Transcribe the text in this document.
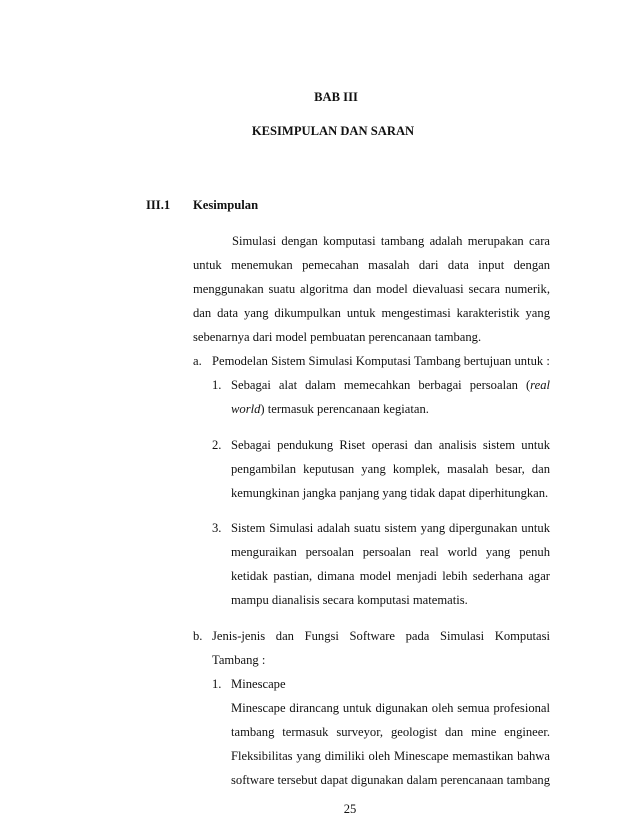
BAB III
KESIMPULAN DAN SARAN
III.1 Kesimpulan
Simulasi dengan komputasi tambang adalah merupakan cara
untuk menemukan pemecahan masalah dari data input dengan
menggunakan suatu algoritma dan model dievaluasi secara numerik,
dan data yang dikumpulkan untuk mengestimasi karakteristik yang
sebenarnya dari model pembuatan perencanaan tambang.
a. Pemodelan Sistem Simulasi Komputasi Tambang bertujuan untuk :
1. Sebagai alat dalam memecahkan berbagai persoalan (real
world) termasuk perencanaan kegiatan.
2. Sebagai pendukung Riset operasi dan analisis sistem untuk
pengambilan keputusan yang komplek, masalah besar, dan
kemungkinan jangka panjang yang tidak dapat diperhitungkan.
3. Sistem Simulasi adalah suatu sistem yang dipergunakan untuk
menguraikan persoalan persoalan real world yang penuh
ketidak pastian, dimana model menjadi lebih sederhana agar
mampu dianalisis secara komputasi matematis.
b. Jenis-jenis dan Fungsi Software pada Simulasi Komputasi
Tambang :
1. Minescape
Minescape dirancang untuk digunakan oleh semua profesional
tambang termasuk surveyor, geologist dan mine engineer.
Fleksibilitas yang dimiliki oleh Minescape memastikan bahwa
software tersebut dapat digunakan dalam perencanaan tambang
25
